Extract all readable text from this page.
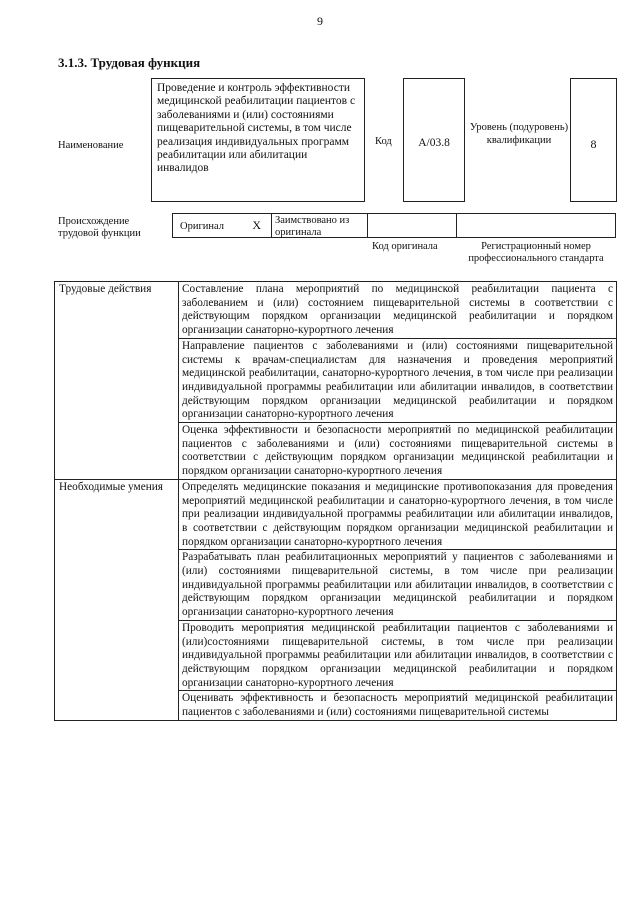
9
3.1.3. Трудовая функция
Наименование
Проведение и контроль эффективности медицинской реабилитации пациентов с заболеваниями и (или) состояниями пищеварительной системы, в том числе реализация индивидуальных программ реабилитации или абилитации инвалидов
Код	А/03.8
Уровень (подуровень) квалификации	8
Происхождение трудовой функции
Оригинал Х Заимствовано из оригинала
Код оригинала	Регистрационный номер профессионального стандарта
Трудовые действия	Составление плана мероприятий по медицинской реабилитации пациента с заболеванием и (или) состоянием пищеварительной системы в соответствии с действующим порядком организации медицинской реабилитации и порядком организации санаторно-курортного лечения
	Направление пациентов с заболеваниями и (или) состояниями пищеварительной системы к врачам-специалистам для назначения и проведения мероприятий медицинской реабилитации, санаторно-курортного лечения, в том числе при реализации индивидуальной программы реабилитации или абилитации инвалидов, в соответствии действующим порядком организации медицинской реабилитации и порядком организации санаторно-курортного лечения
	Оценка эффективности и безопасности мероприятий по медицинской реабилитации пациентов с заболеваниями и (или) состояниями пищеварительной системы в соответствии с действующим порядком организации медицинской реабилитации и порядком организации санаторно-курортного лечения
Необходимые умения	Определять медицинские показания и медицинские противопоказания для проведения мероприятий медицинской реабилитации и санаторно-курортного лечения, в том числе при реализации индивидуальной программы реабилитации или абилитации инвалидов, в соответствии с действующим порядком организации медицинской реабилитации и порядком организации санаторно-курортного лечения
	Разрабатывать план реабилитационных мероприятий у пациентов с заболеваниями и (или) состояниями пищеварительной системы, в том числе при реализации индивидуальной программы реабилитации или абилитации инвалидов, в соответствии с действующим порядком организации медицинской реабилитации и порядком организации санаторно-курортного лечения
	Проводить мероприятия медицинской реабилитации пациентов с заболеваниями и (или)состояниями пищеварительной системы, в том числе при реализации индивидуальной программы реабилитации или абилитации инвалидов, в соответствии с действующим порядком организации медицинской реабилитации и порядком организации санаторно-курортного лечения
	Оценивать эффективность и безопасность мероприятий медицинской реабилитации пациентов с заболеваниями и (или) состояниями пищеварительной системы
